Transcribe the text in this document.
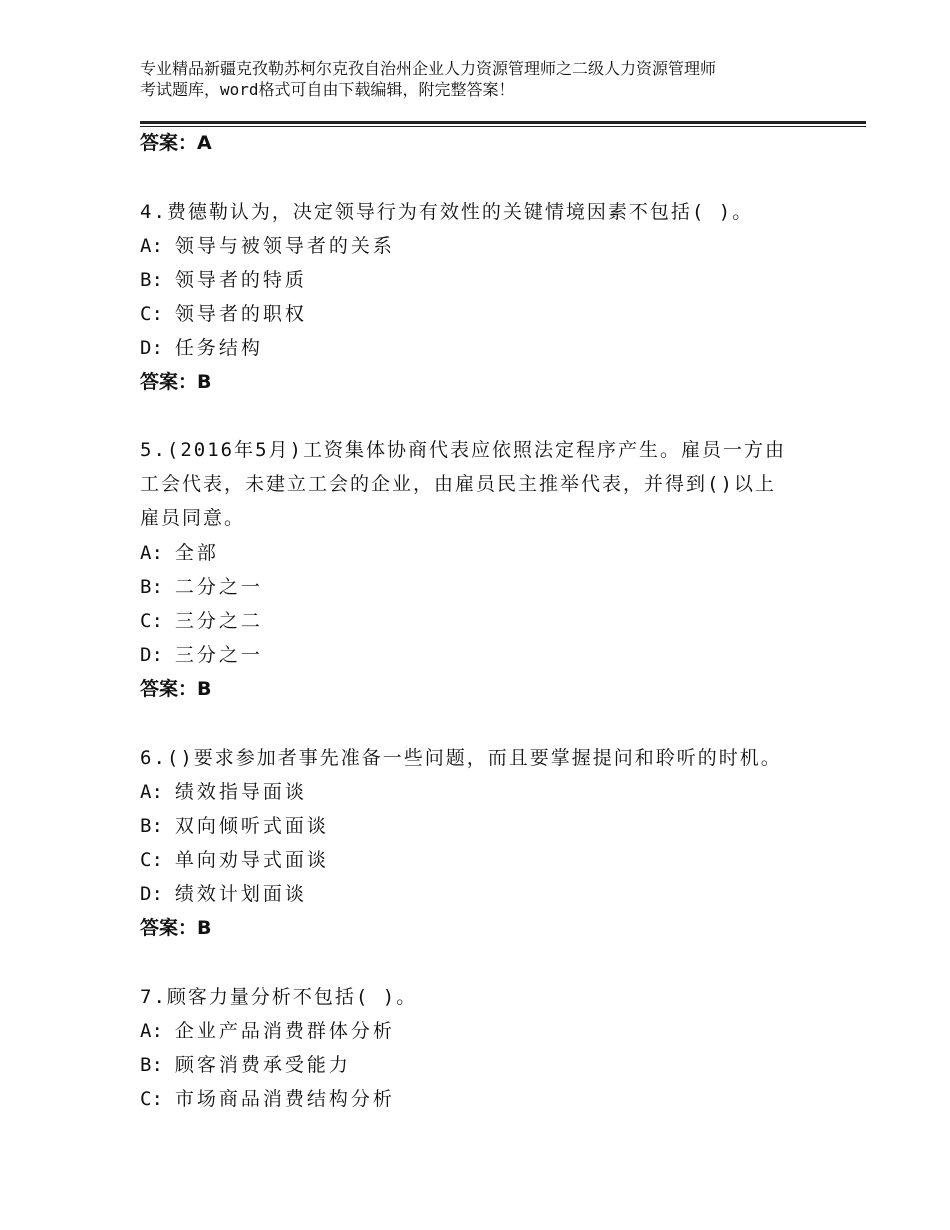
专业精品新疆克孜勒苏柯尔克孜自治州企业人力资源管理师之二级人力资源管理师
考试题库，word格式可自由下载编辑，附完整答案！
答案：A
4.费德勒认为，决定领导行为有效性的关键情境因素不包括( )。
A: 领导与被领导者的关系
B: 领导者的特质
C: 领导者的职权
D: 任务结构
答案：B
5.(2016年5月)工资集体协商代表应依照法定程序产生。雇员一方由
工会代表，未建立工会的企业，由雇员民主推举代表，并得到()以上
雇员同意。
A: 全部
B: 二分之一
C: 三分之二
D: 三分之一
答案：B
6.()要求参加者事先准备一些问题，而且要掌握提问和聆听的时机。
A: 绩效指导面谈
B: 双向倾听式面谈
C: 单向劝导式面谈
D: 绩效计划面谈
答案：B
7.顾客力量分析不包括( )。
A: 企业产品消费群体分析
B: 顾客消费承受能力
C: 市场商品消费结构分析
